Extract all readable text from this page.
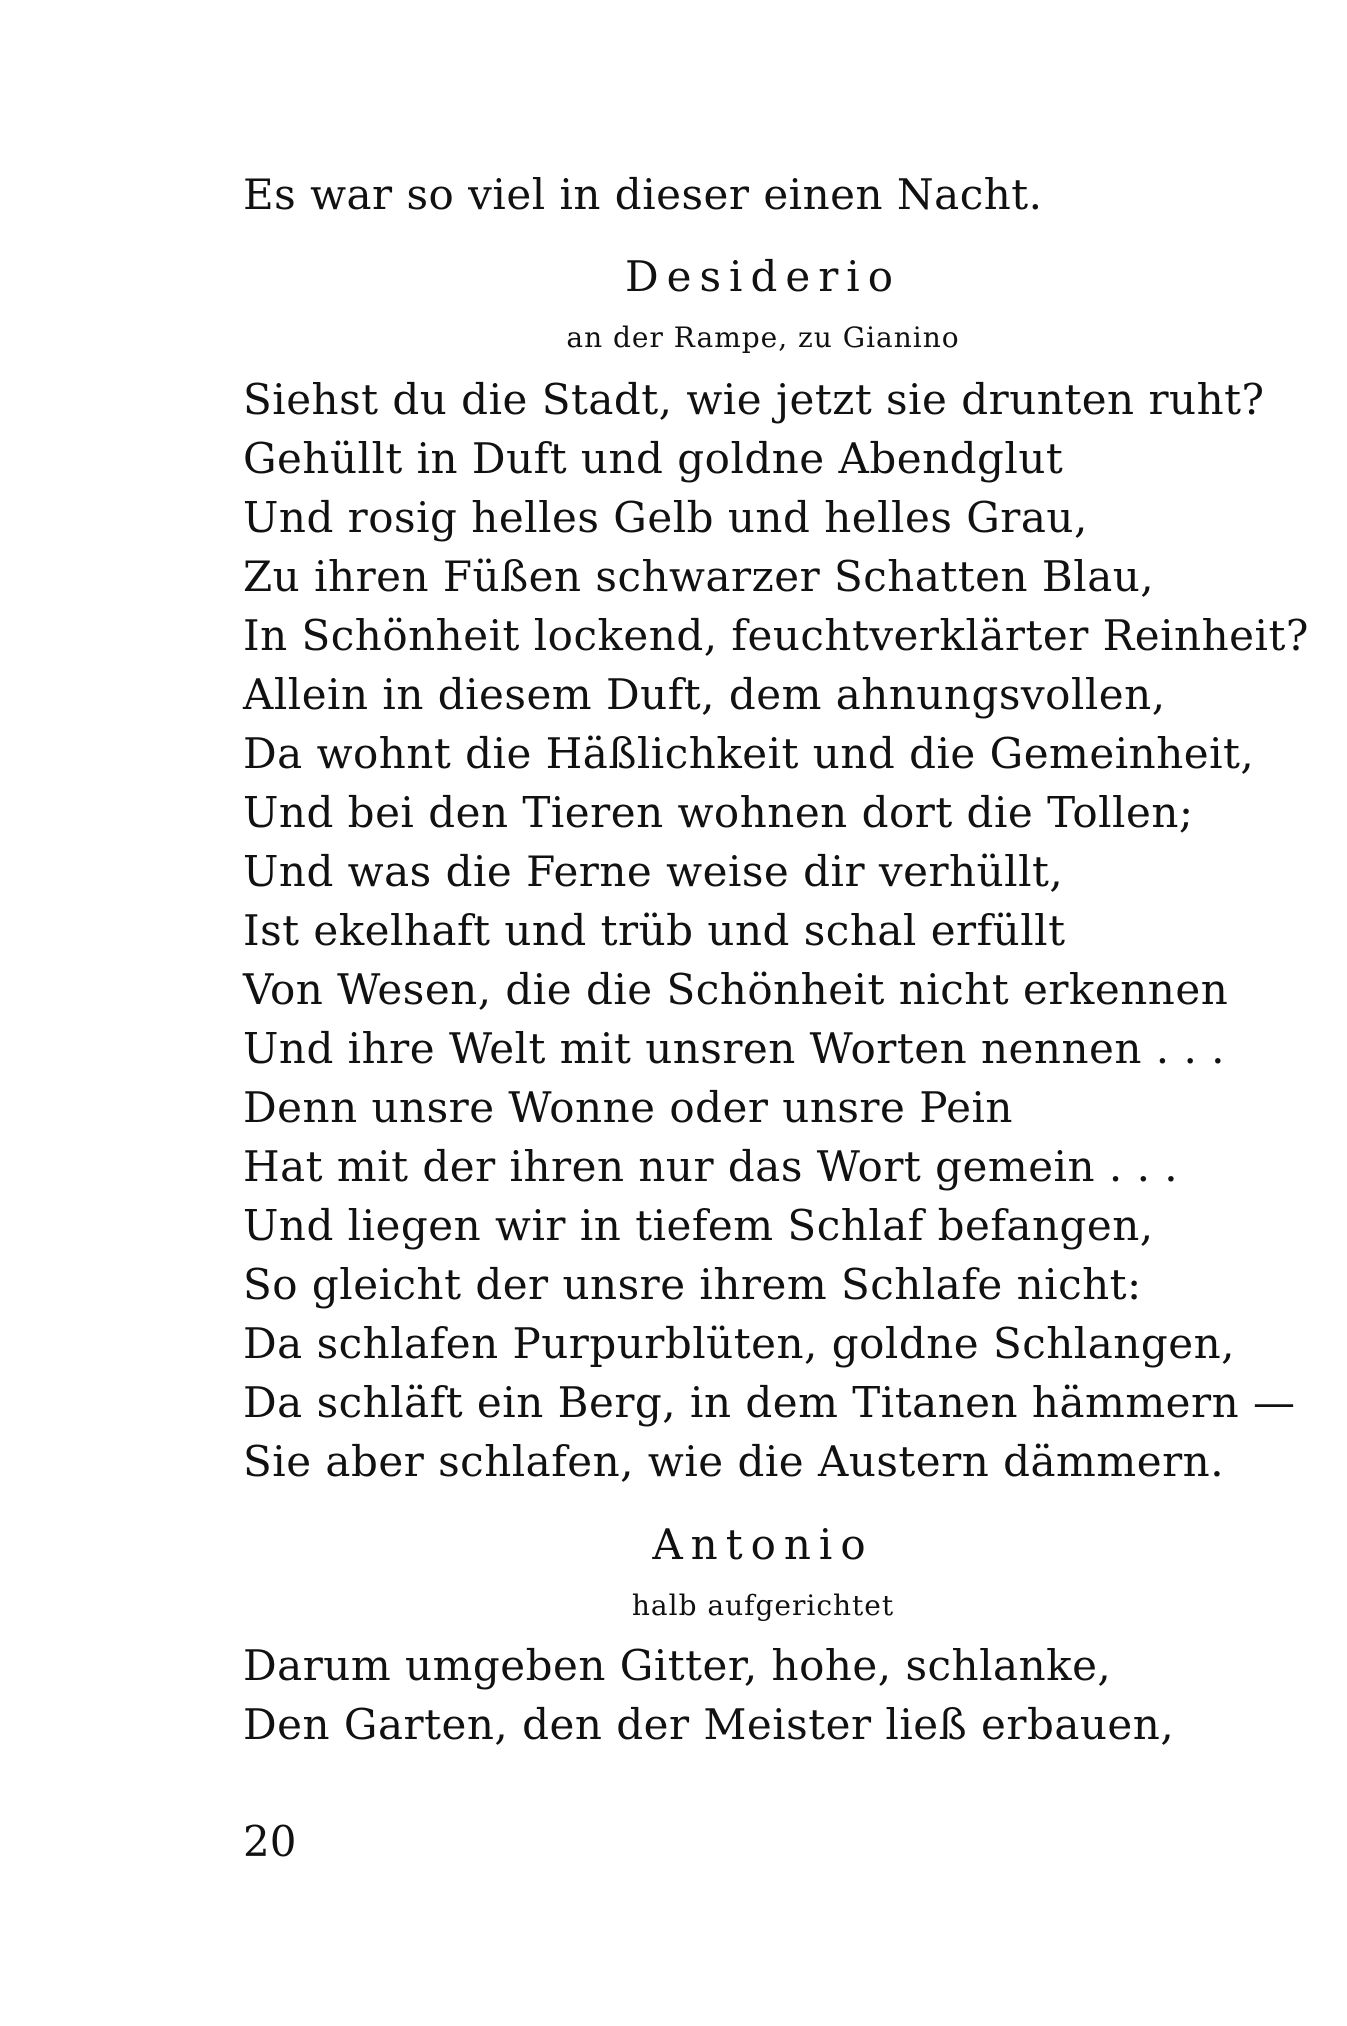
Es war so viel in dieser einen Nacht.
Desiderio
an der Rampe, zu Gianino
Siehst du die Stadt, wie jetzt sie drunten ruht?
Gehüllt in Duft und goldne Abendglut
Und rosig helles Gelb und helles Grau,
Zu ihren Füßen schwarzer Schatten Blau,
In Schönheit lockend, feuchtverklärter Reinheit?
Allein in diesem Duft, dem ahnungsvollen,
Da wohnt die Häßlichkeit und die Gemeinheit,
Und bei den Tieren wohnen dort die Tollen;
Und was die Ferne weise dir verhüllt,
Ist ekelhaft und trüb und schal erfüllt
Von Wesen, die die Schönheit nicht erkennen
Und ihre Welt mit unsren Worten nennen . . .
Denn unsre Wonne oder unsre Pein
Hat mit der ihren nur das Wort gemein . . .
Und liegen wir in tiefem Schlaf befangen,
So gleicht der unsre ihrem Schlafe nicht:
Da schlafen Purpurblüten, goldne Schlangen,
Da schläft ein Berg, in dem Titanen hämmern —
Sie aber schlafen, wie die Austern dämmern.
Antonio
halb aufgerichtet
Darum umgeben Gitter, hohe, schlanke,
Den Garten, den der Meister ließ erbauen,
20
